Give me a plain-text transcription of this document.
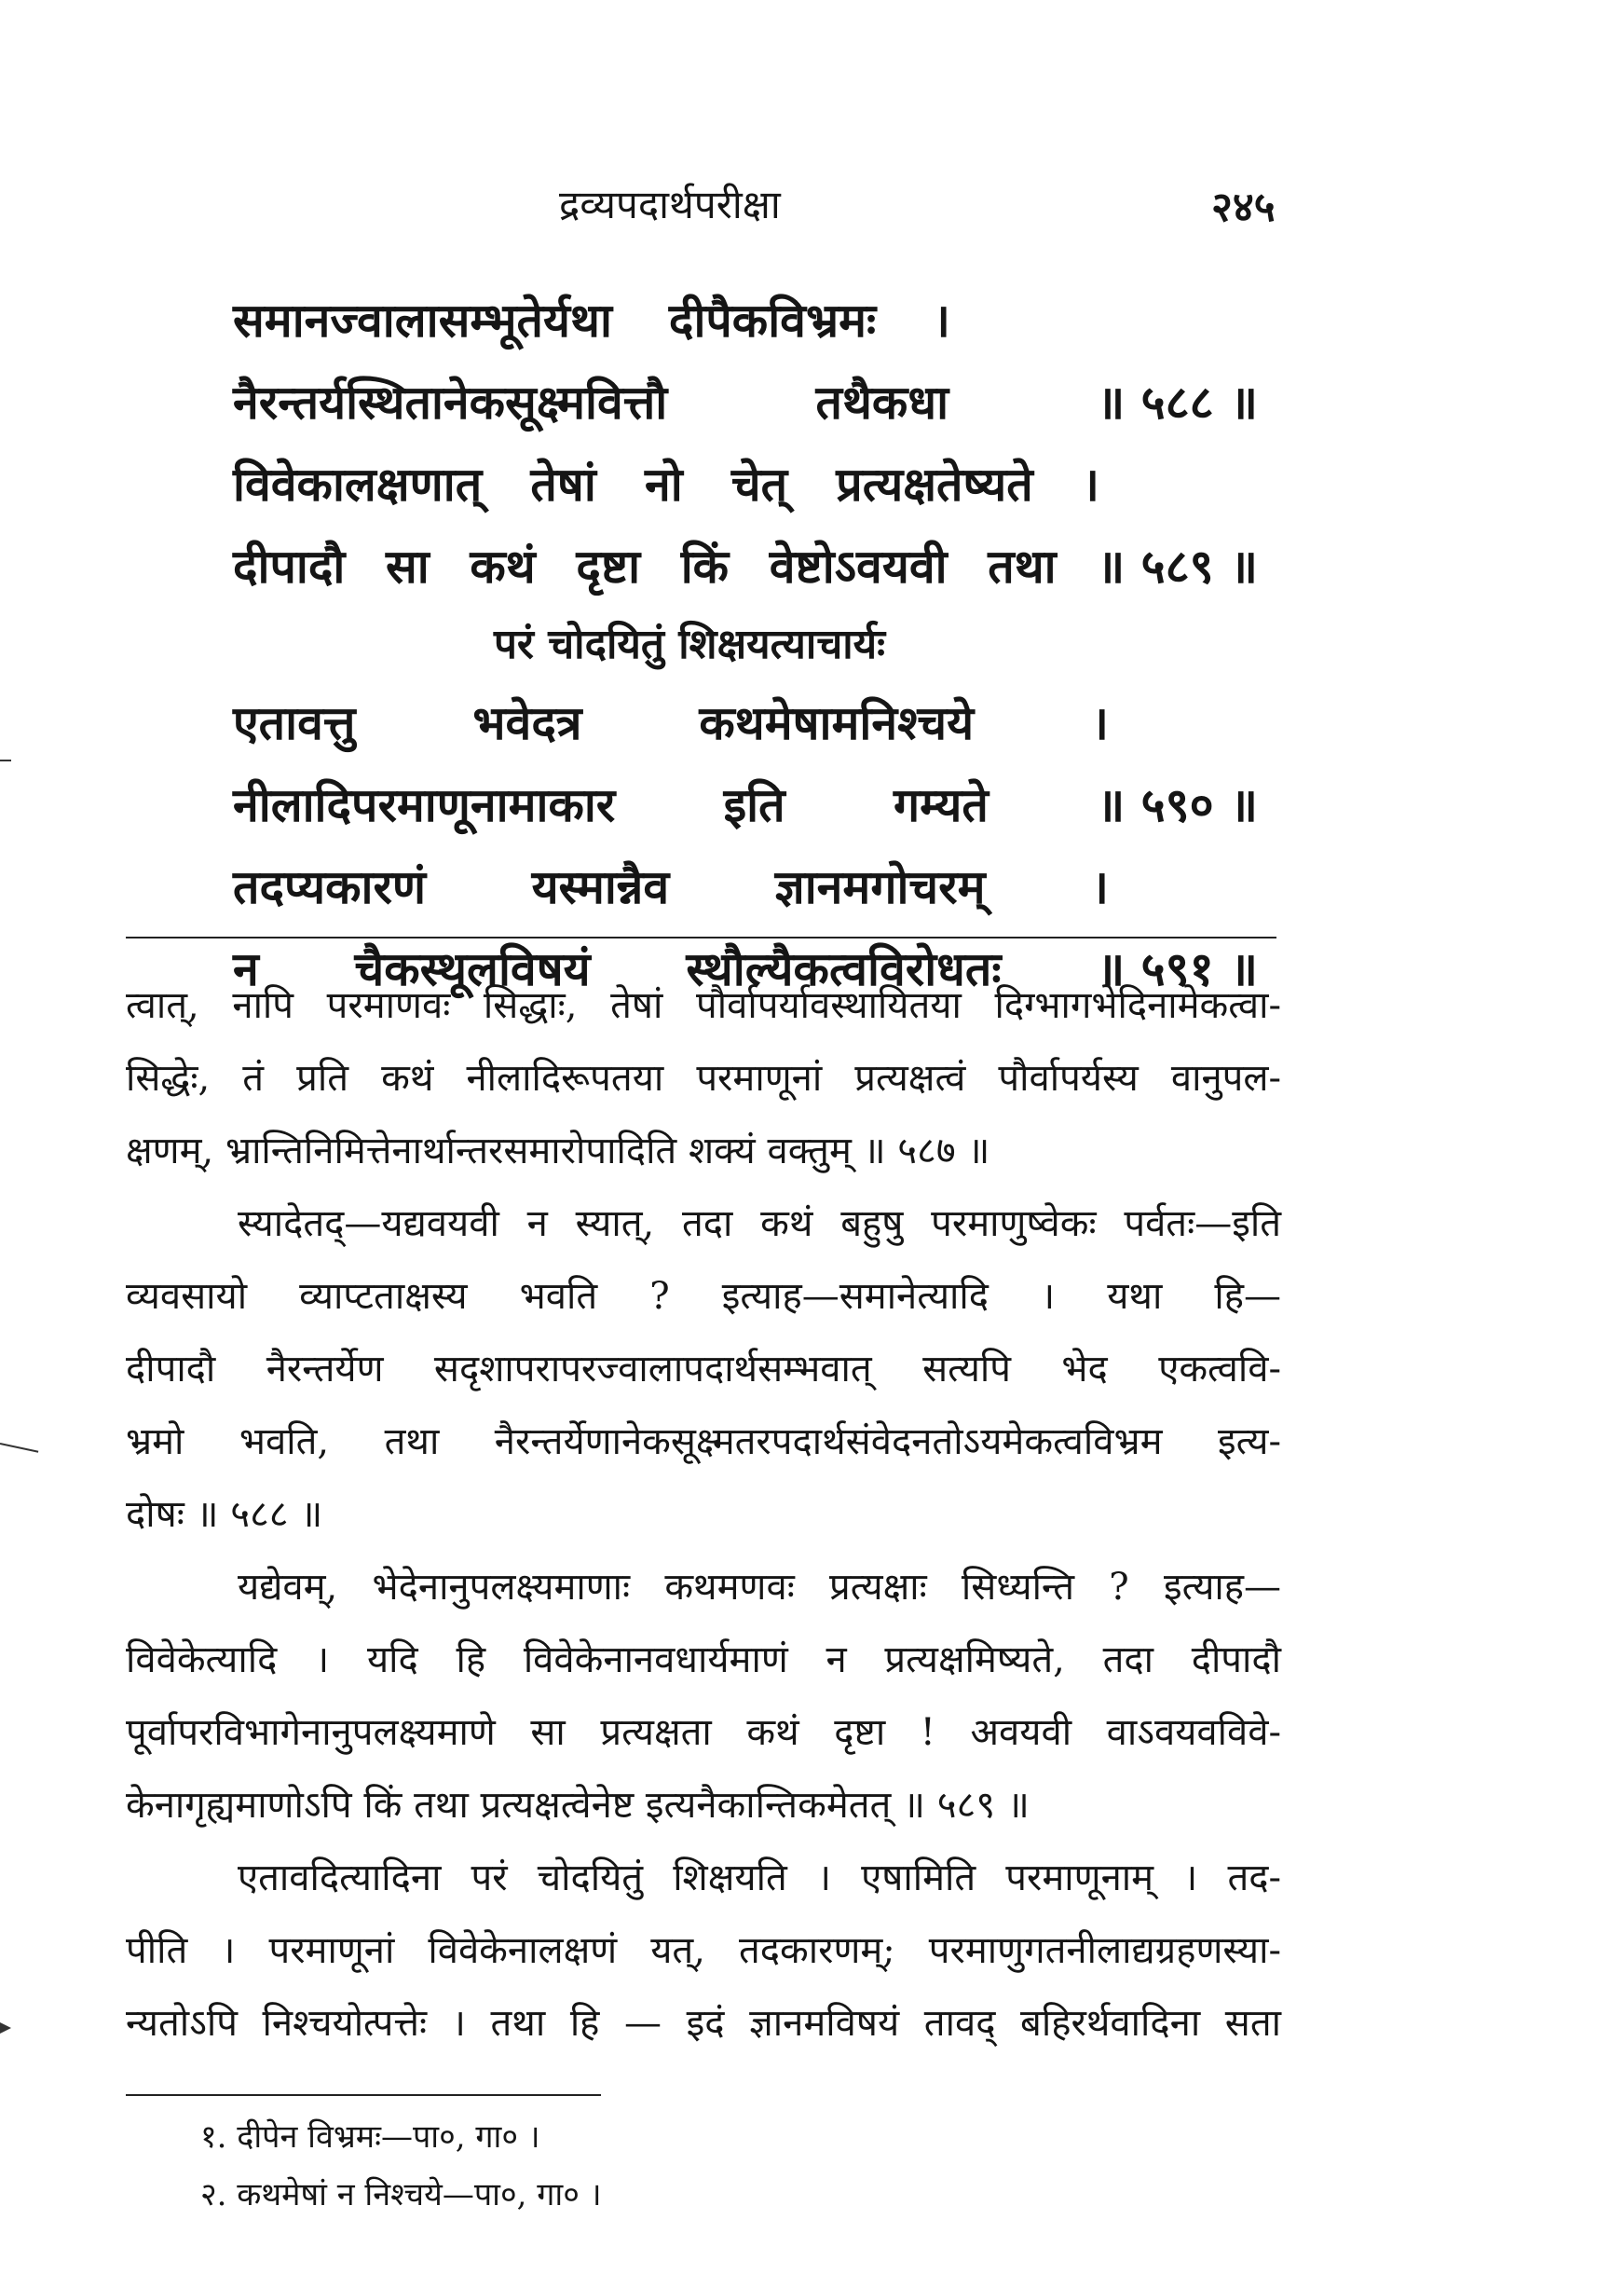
द्रव्यपदार्थपरीक्षा	२४५
समानज्वालासम्भूतेर्यथा दीपैकविभ्रमः ।
नैरन्तर्यस्थितानेकसूक्ष्मवित्तौ	तथैकधा	॥ ५८८ ॥
विवेकालक्षणात् तेषां नो चेत् प्रत्यक्षतेष्यते ।
दीपादौ सा कथं दृष्टा किं वेष्टोऽवयवी तथा ॥ ५८९ ॥
परं चोदयितुं शिक्षयत्याचार्यः
एतावत्तु	भवेदत्र	कथमेषामनिश्चये	।
नीलादिपरमाणूनामाकार इति गम्यते ॥ ५९० ॥
तदप्यकारणं यस्मान्नैव ज्ञानमगोचरम् ।
न चैकस्थूलविषयं स्थौल्यैकत्वविरोधतः ॥ ५९१ ॥
त्वात्, नापि परमाणवः सिद्धाः, तेषां पौर्वापर्यावस्थायितया दिग्भागभेदिनामेकत्वा-
सिद्धेः, तं प्रति कथं नीलादिरूपतया परमाणूनां प्रत्यक्षत्वं पौर्वापर्यस्य वानुपल-
क्षणम्, भ्रान्तिनिमित्तेनार्थान्तरसमारोपादिति शक्यं वक्तुम् ॥ ५८७ ॥
स्यादेतद्—यद्यवयवी न स्यात्, तदा कथं बहुषु परमाणुष्वेकः पर्वतः—इति
व्यवसायो व्याप्टताक्षस्य भवति ? इत्याह—समानेत्यादि । यथा हि—
दीपादौ नैरन्तर्येण सदृशापरापरज्वालापदार्थसम्भवात् सत्यपि भेद एकत्ववि-
भ्रमो भवति, तथा नैरन्तर्येणानेकसूक्ष्मतरपदार्थसंवेदनतोऽयमेकत्वविभ्रम इत्य-
दोषः ॥ ५८८ ॥
यद्येवम्, भेदेनानुपलक्ष्यमाणाः कथमणवः प्रत्यक्षाः सिध्यन्ति ? इत्याह—
विवेकेत्यादि । यदि हि विवेकेनानवधार्यमाणं न प्रत्यक्षमिष्यते, तदा दीपादौ
पूर्वापरविभागेनानुपलक्ष्यमाणे सा प्रत्यक्षता कथं दृष्टा ! अवयवी वाऽवयववि‍वे-
केनागृह्यमाणोऽपि किं तथा प्रत्यक्षत्वेनेष्ट इत्यनैकान्तिकमेतत् ॥ ५८९ ॥
एतावदित्यादिना परं चोदयितुं शिक्षयति । एषामिति परमाणूनाम् । तद-
पीति । परमाणूनां विवेकेनालक्षणं यत्, तदकारणम्; परमाणुगतनीलाद्यग्रहणस्या-
न्यतोऽपि निश्चयोत्पत्तेः । तथा हि — इदं ज्ञानमविषयं तावद् बहिरर्थवादिना सता
१. दीपेन विभ्रमः—पा०, गा० ।
२. कथमेषां न निश्चये—पा०, गा० ।
